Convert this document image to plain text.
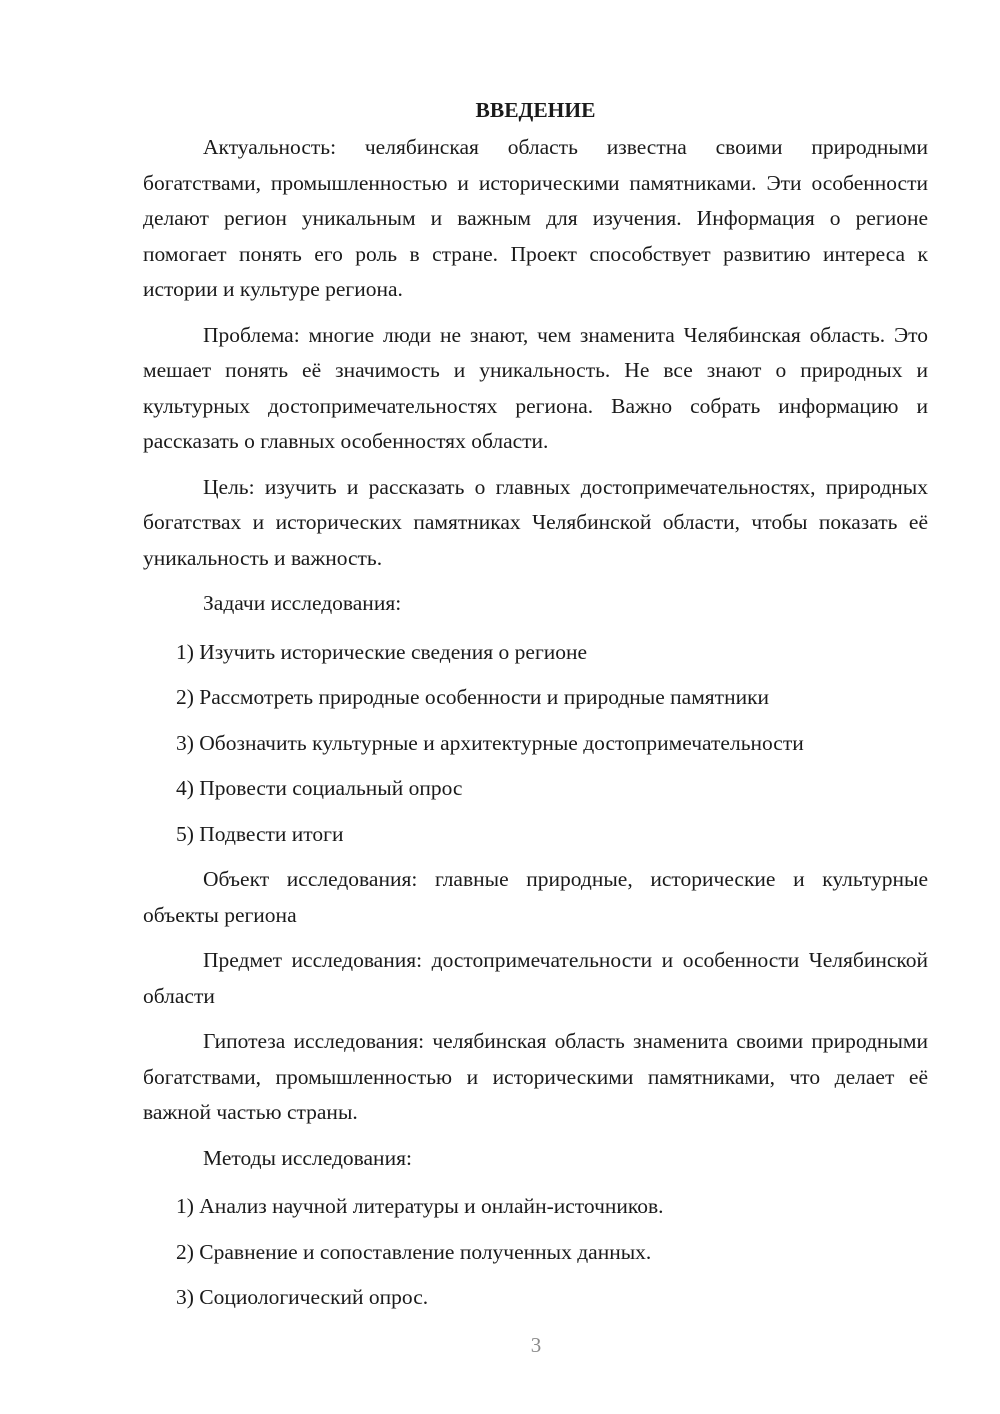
ВВЕДЕНИЕ

Актуальность: челябинская область известна своими природными богатствами, промышленностью и историческими памятниками. Эти особенности делают регион уникальным и важным для изучения. Информация о регионе помогает понять его роль в стране. Проект способствует развитию интереса к истории и культуре региона.

Проблема: многие люди не знают, чем знаменита Челябинская область. Это мешает понять её значимость и уникальность. Не все знают о природных и культурных достопримечательностях региона. Важно собрать информацию и рассказать о главных особенностях области.

Цель: изучить и рассказать о главных достопримечательностях, природных богатствах и исторических памятниках Челябинской области, чтобы показать её уникальность и важность.

Задачи исследования:

1) Изучить исторические сведения о регионе

2) Рассмотреть природные особенности и природные памятники

3) Обозначить культурные и архитектурные достопримечательности

4) Провести социальный опрос

5) Подвести итоги

Объект исследования: главные природные, исторические и культурные объекты региона

Предмет исследования: достопримечательности и особенности Челябинской области

Гипотеза исследования: челябинская область знаменита своими природными богатствами, промышленностью и историческими памятниками, что делает её важной частью страны.

Методы исследования:

1) Анализ научной литературы и онлайн-источников.

2) Сравнение и сопоставление полученных данных.

3) Социологический опрос.

3
